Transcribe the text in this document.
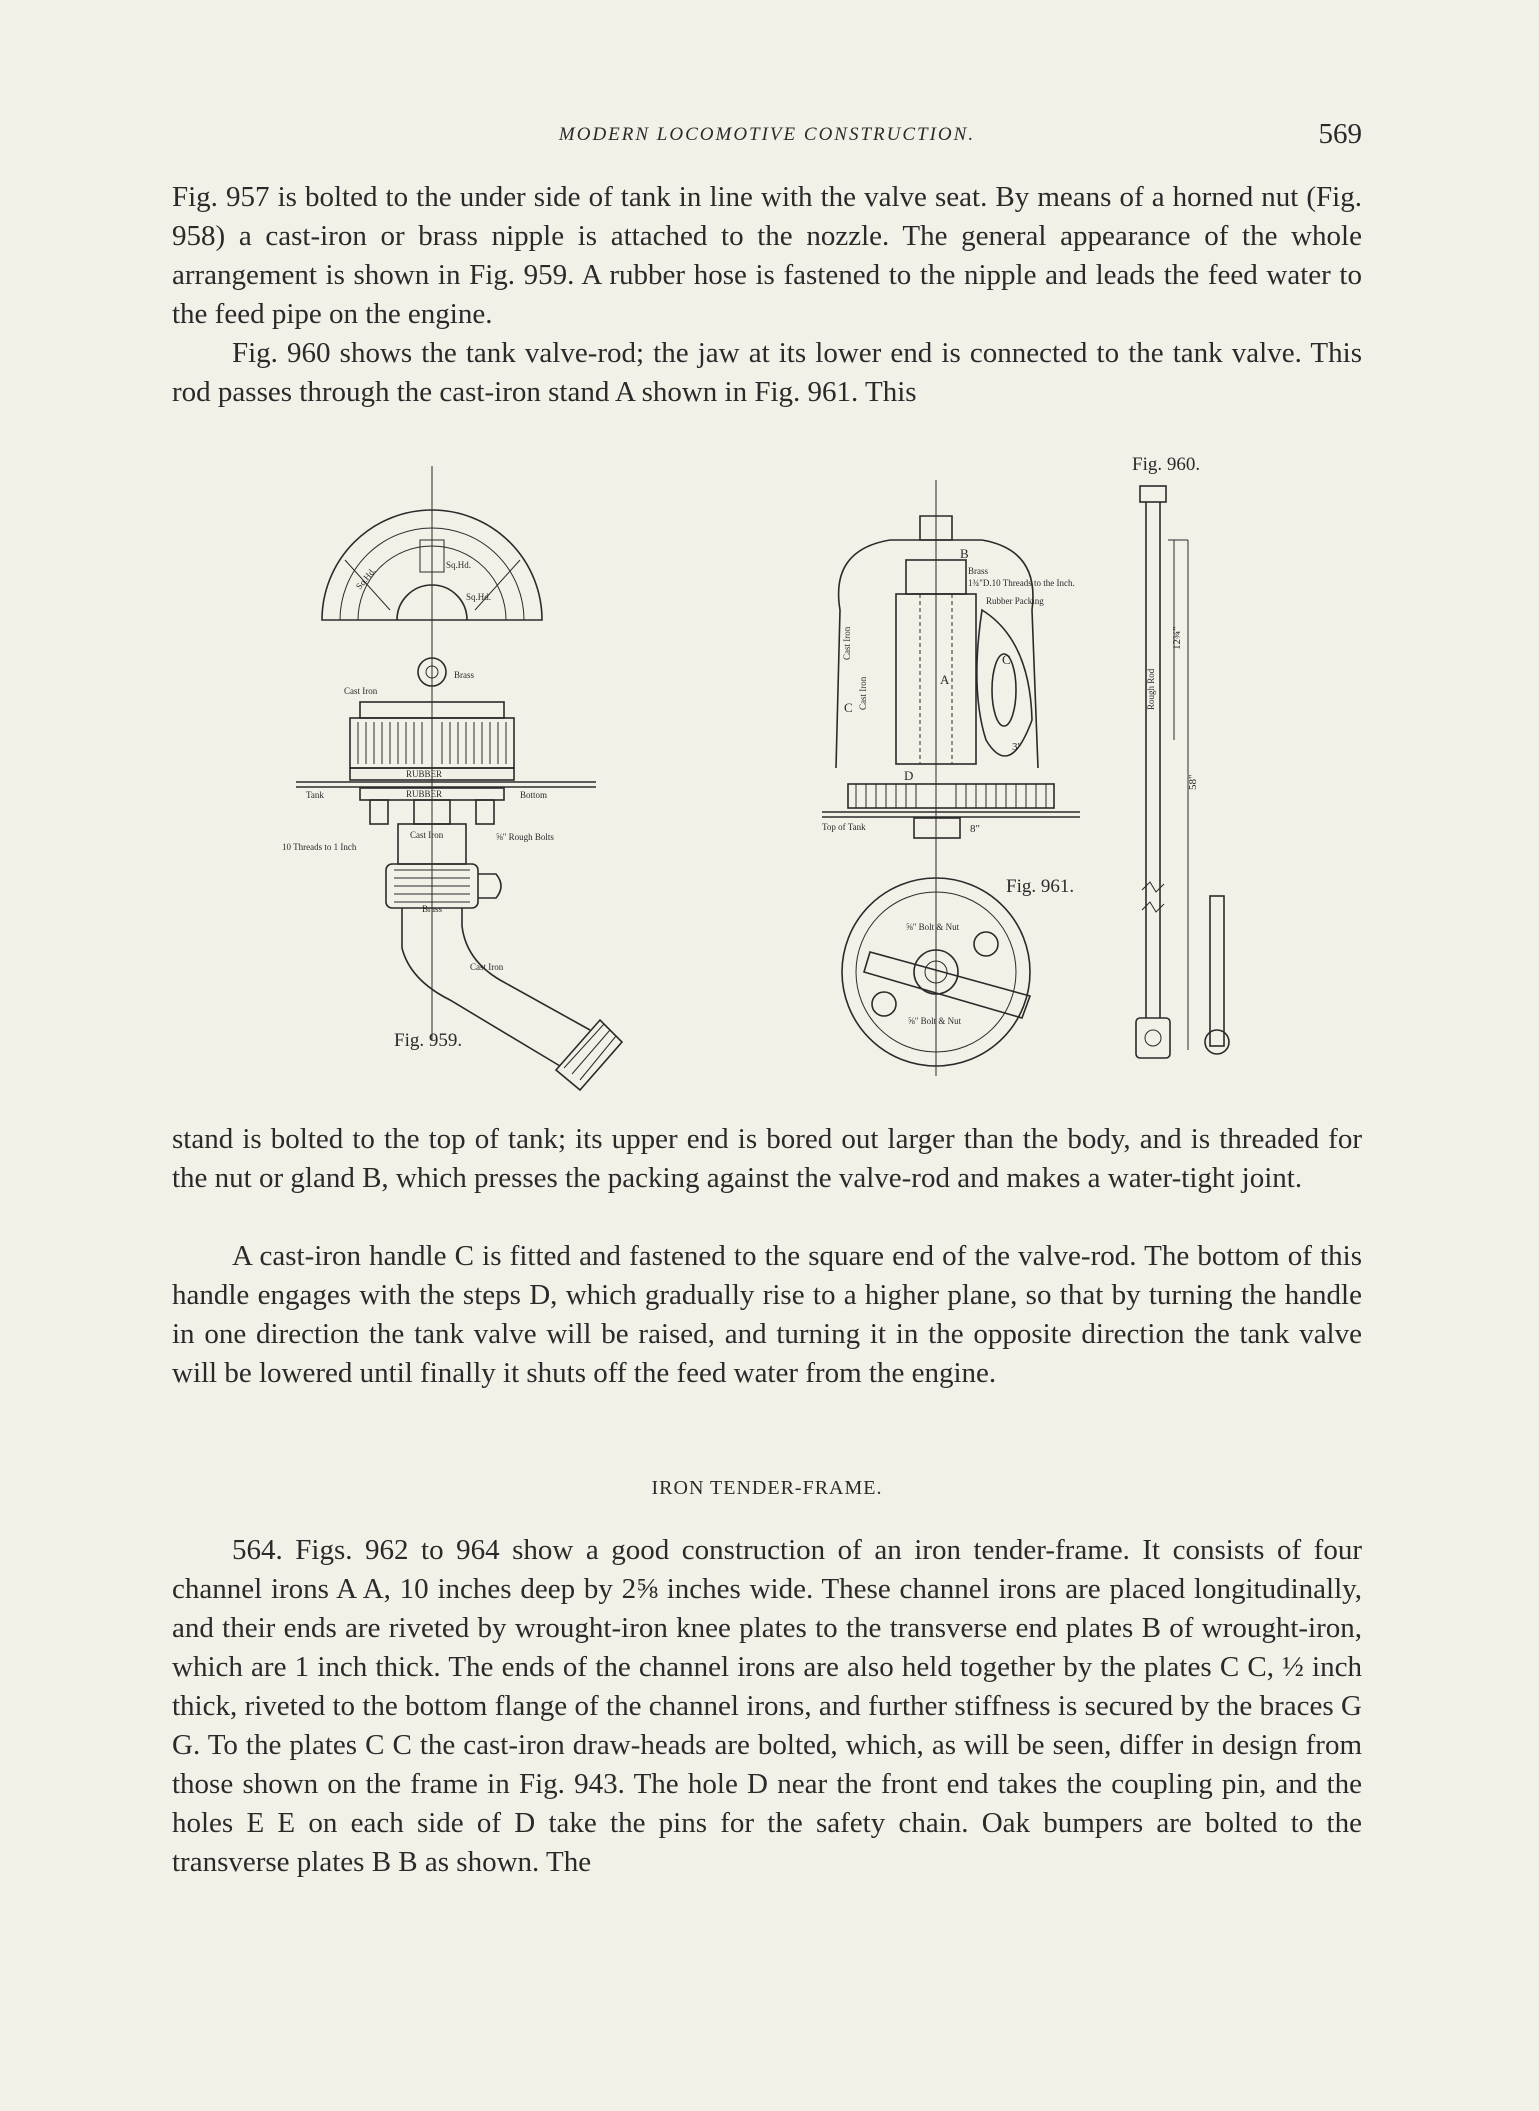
MODERN LOCOMOTIVE CONSTRUCTION.	569

Fig. 957 is bolted to the under side of tank in line with the valve seat. By means of a horned nut (Fig. 958) a cast-iron or brass nipple is attached to the nozzle. The general appearance of the whole arrangement is shown in Fig. 959. A rubber hose is fastened to the nipple and leads the feed water to the feed pipe on the engine.

Fig. 960 shows the tank valve-rod; the jaw at its lower end is connected to the tank valve. This rod passes through the cast-iron stand A shown in Fig. 961. This

Sq.Hd.
Sq.Hd.
Sq.Hd.
Brass
Cast Iron
RUBBER
Tank	Bottom
RUBBER
Cast Iron	⅝" Rough Bolts
10 Threads to 1 Inch
Brass
Cast Iron
Fig. 959.
B
Brass
1¾"D.10 Threads to the Inch.
Rubber Packing
A
Cast Iron
Cast Iron
C
C
3"
D
Top of Tank	8"
Fig. 961.
⅝" Bolt & Nut
⅝" Bolt & Nut
Fig. 960.
Rough Rod
12¾"
58"

stand is bolted to the top of tank; its upper end is bored out larger than the body, and is threaded for the nut or gland B, which presses the packing against the valve-rod and makes a water-tight joint.

A cast-iron handle C is fitted and fastened to the square end of the valve-rod. The bottom of this handle engages with the steps D, which gradually rise to a higher plane, so that by turning the handle in one direction the tank valve will be raised, and turning it in the opposite direction the tank valve will be lowered until finally it shuts off the feed water from the engine.

IRON TENDER-FRAME.

564. Figs. 962 to 964 show a good construction of an iron tender-frame. It consists of four channel irons A A, 10 inches deep by 2⅝ inches wide. These channel irons are placed longitudinally, and their ends are riveted by wrought-iron knee plates to the transverse end plates B of wrought-iron, which are 1 inch thick. The ends of the channel irons are also held together by the plates C C, ½ inch thick, riveted to the bottom flange of the channel irons, and further stiffness is secured by the braces G G. To the plates C C the cast-iron draw-heads are bolted, which, as will be seen, differ in design from those shown on the frame in Fig. 943. The hole D near the front end takes the coupling pin, and the holes E E on each side of D take the pins for the safety chain. Oak bumpers are bolted to the transverse plates B B as shown. The
